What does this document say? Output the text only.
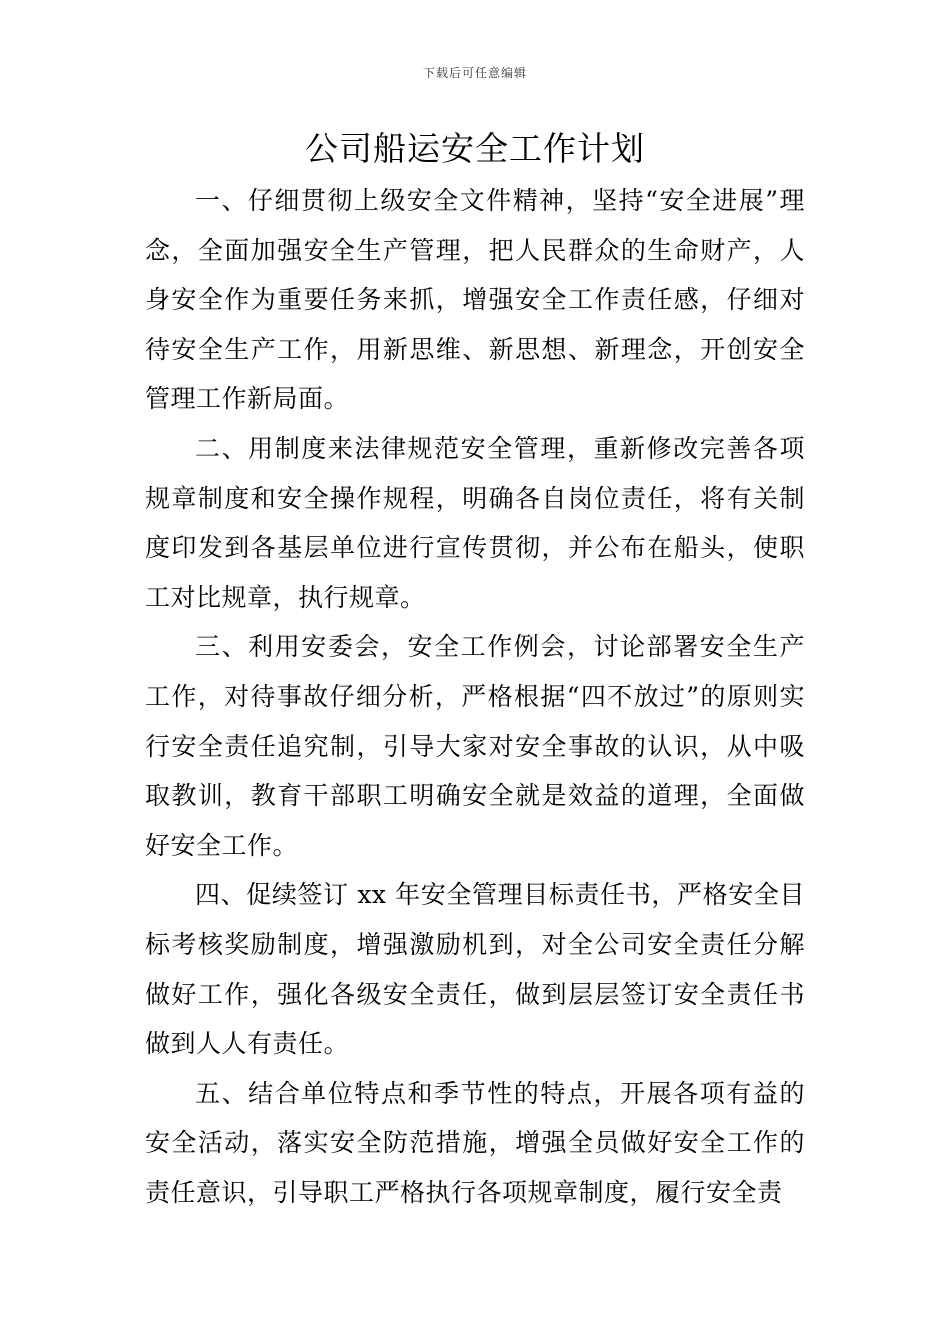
下载后可任意编辑
公司船运安全工作计划

一、仔细贯彻上级安全文件精神，坚持“安全进展”理念，全面加强安全生产管理，把人民群众的生命财产，人身安全作为重要任务来抓，增强安全工作责任感，仔细对待安全生产工作，用新思维、新思想、新理念，开创安全管理工作新局面。

二、用制度来法律规范安全管理，重新修改完善各项规章制度和安全操作规程，明确各自岗位责任，将有关制度印发到各基层单位进行宣传贯彻，并公布在船头，使职工对比规章，执行规章。

三、利用安委会，安全工作例会，讨论部署安全生产工作，对待事故仔细分析，严格根据“四不放过”的原则实行安全责任追究制，引导大家对安全事故的认识，从中吸取教训，教育干部职工明确安全就是效益的道理，全面做好安全工作。

四、促续签订 xx 年安全管理目标责任书，严格安全目标考核奖励制度，增强激励机到，对全公司安全责任分解做好工作，强化各级安全责任，做到层层签订安全责任书做到人人有责任。

五、结合单位特点和季节性的特点，开展各项有益的安全活动，落实安全防范措施，增强全员做好安全工作的责任意识，引导职工严格执行各项规章制度，履行安全责
